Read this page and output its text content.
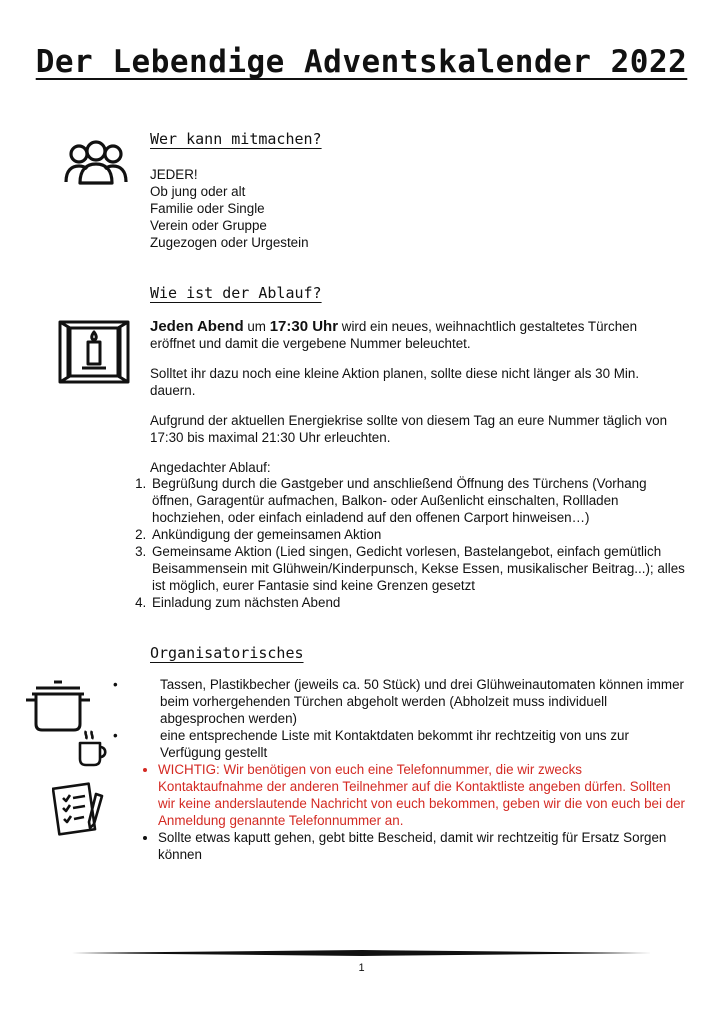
Der Lebendige Adventskalender 2022
Wer kann mitmachen?

JEDER!

Ob jung oder alt

Familie oder Single

Verein oder Gruppe

Zugezogen oder Urgestein

Wie ist der Ablauf?

Jeden Abend um 17:30 Uhr wird ein neues, weihnachtlich gestaltetes Türchen eröffnet und damit die vergebene Nummer beleuchtet.

Solltet ihr dazu noch eine kleine Aktion planen, sollte diese nicht länger als 30 Min. dauern.

Aufgrund der aktuellen Energiekrise sollte von diesem Tag an eure Nummer täglich von 17:30 bis maximal 21:30 Uhr erleuchten.

Angedachter Ablauf:

1. Begrüßung durch die Gastgeber und anschließend Öffnung des Türchens (Vorhang öffnen, Garagentür aufmachen, Balkon- oder Außenlicht einschalten, Rollladen hochziehen, oder einfach einladend auf den offenen Carport hinweisen…)
2. Ankündigung der gemeinsamen Aktion
3. Gemeinsame Aktion (Lied singen, Gedicht vorlesen, Bastelangebot, einfach gemütlich Beisammensein mit Glühwein/Kinderpunsch, Kekse Essen, musikalischer Beitrag...); alles ist möglich, eurer Fantasie sind keine Grenzen gesetzt
4. Einladung zum nächsten Abend
Organisatorisches
•	Tassen, Plastikbecher (jeweils ca. 50 Stück) und drei Glühweinautomaten können immer beim vorhergehenden Türchen abgeholt werden (Abholzeit muss individuell abgesprochen werden)
•	eine entsprechende Liste mit Kontaktdaten bekommt ihr rechtzeitig von uns zur Verfügung gestellt
• WICHTIG: Wir benötigen von euch eine Telefonnummer, die wir zwecks Kontaktaufnahme der anderen Teilnehmer auf die Kontaktliste angeben dürfen. Sollten wir keine anderslautende Nachricht von euch bekommen, geben wir die von euch bei der Anmeldung genannte Telefonnummer an.
• Sollte etwas kaputt gehen, gebt bitte Bescheid, damit wir rechtzeitig für Ersatz Sorgen können
1
